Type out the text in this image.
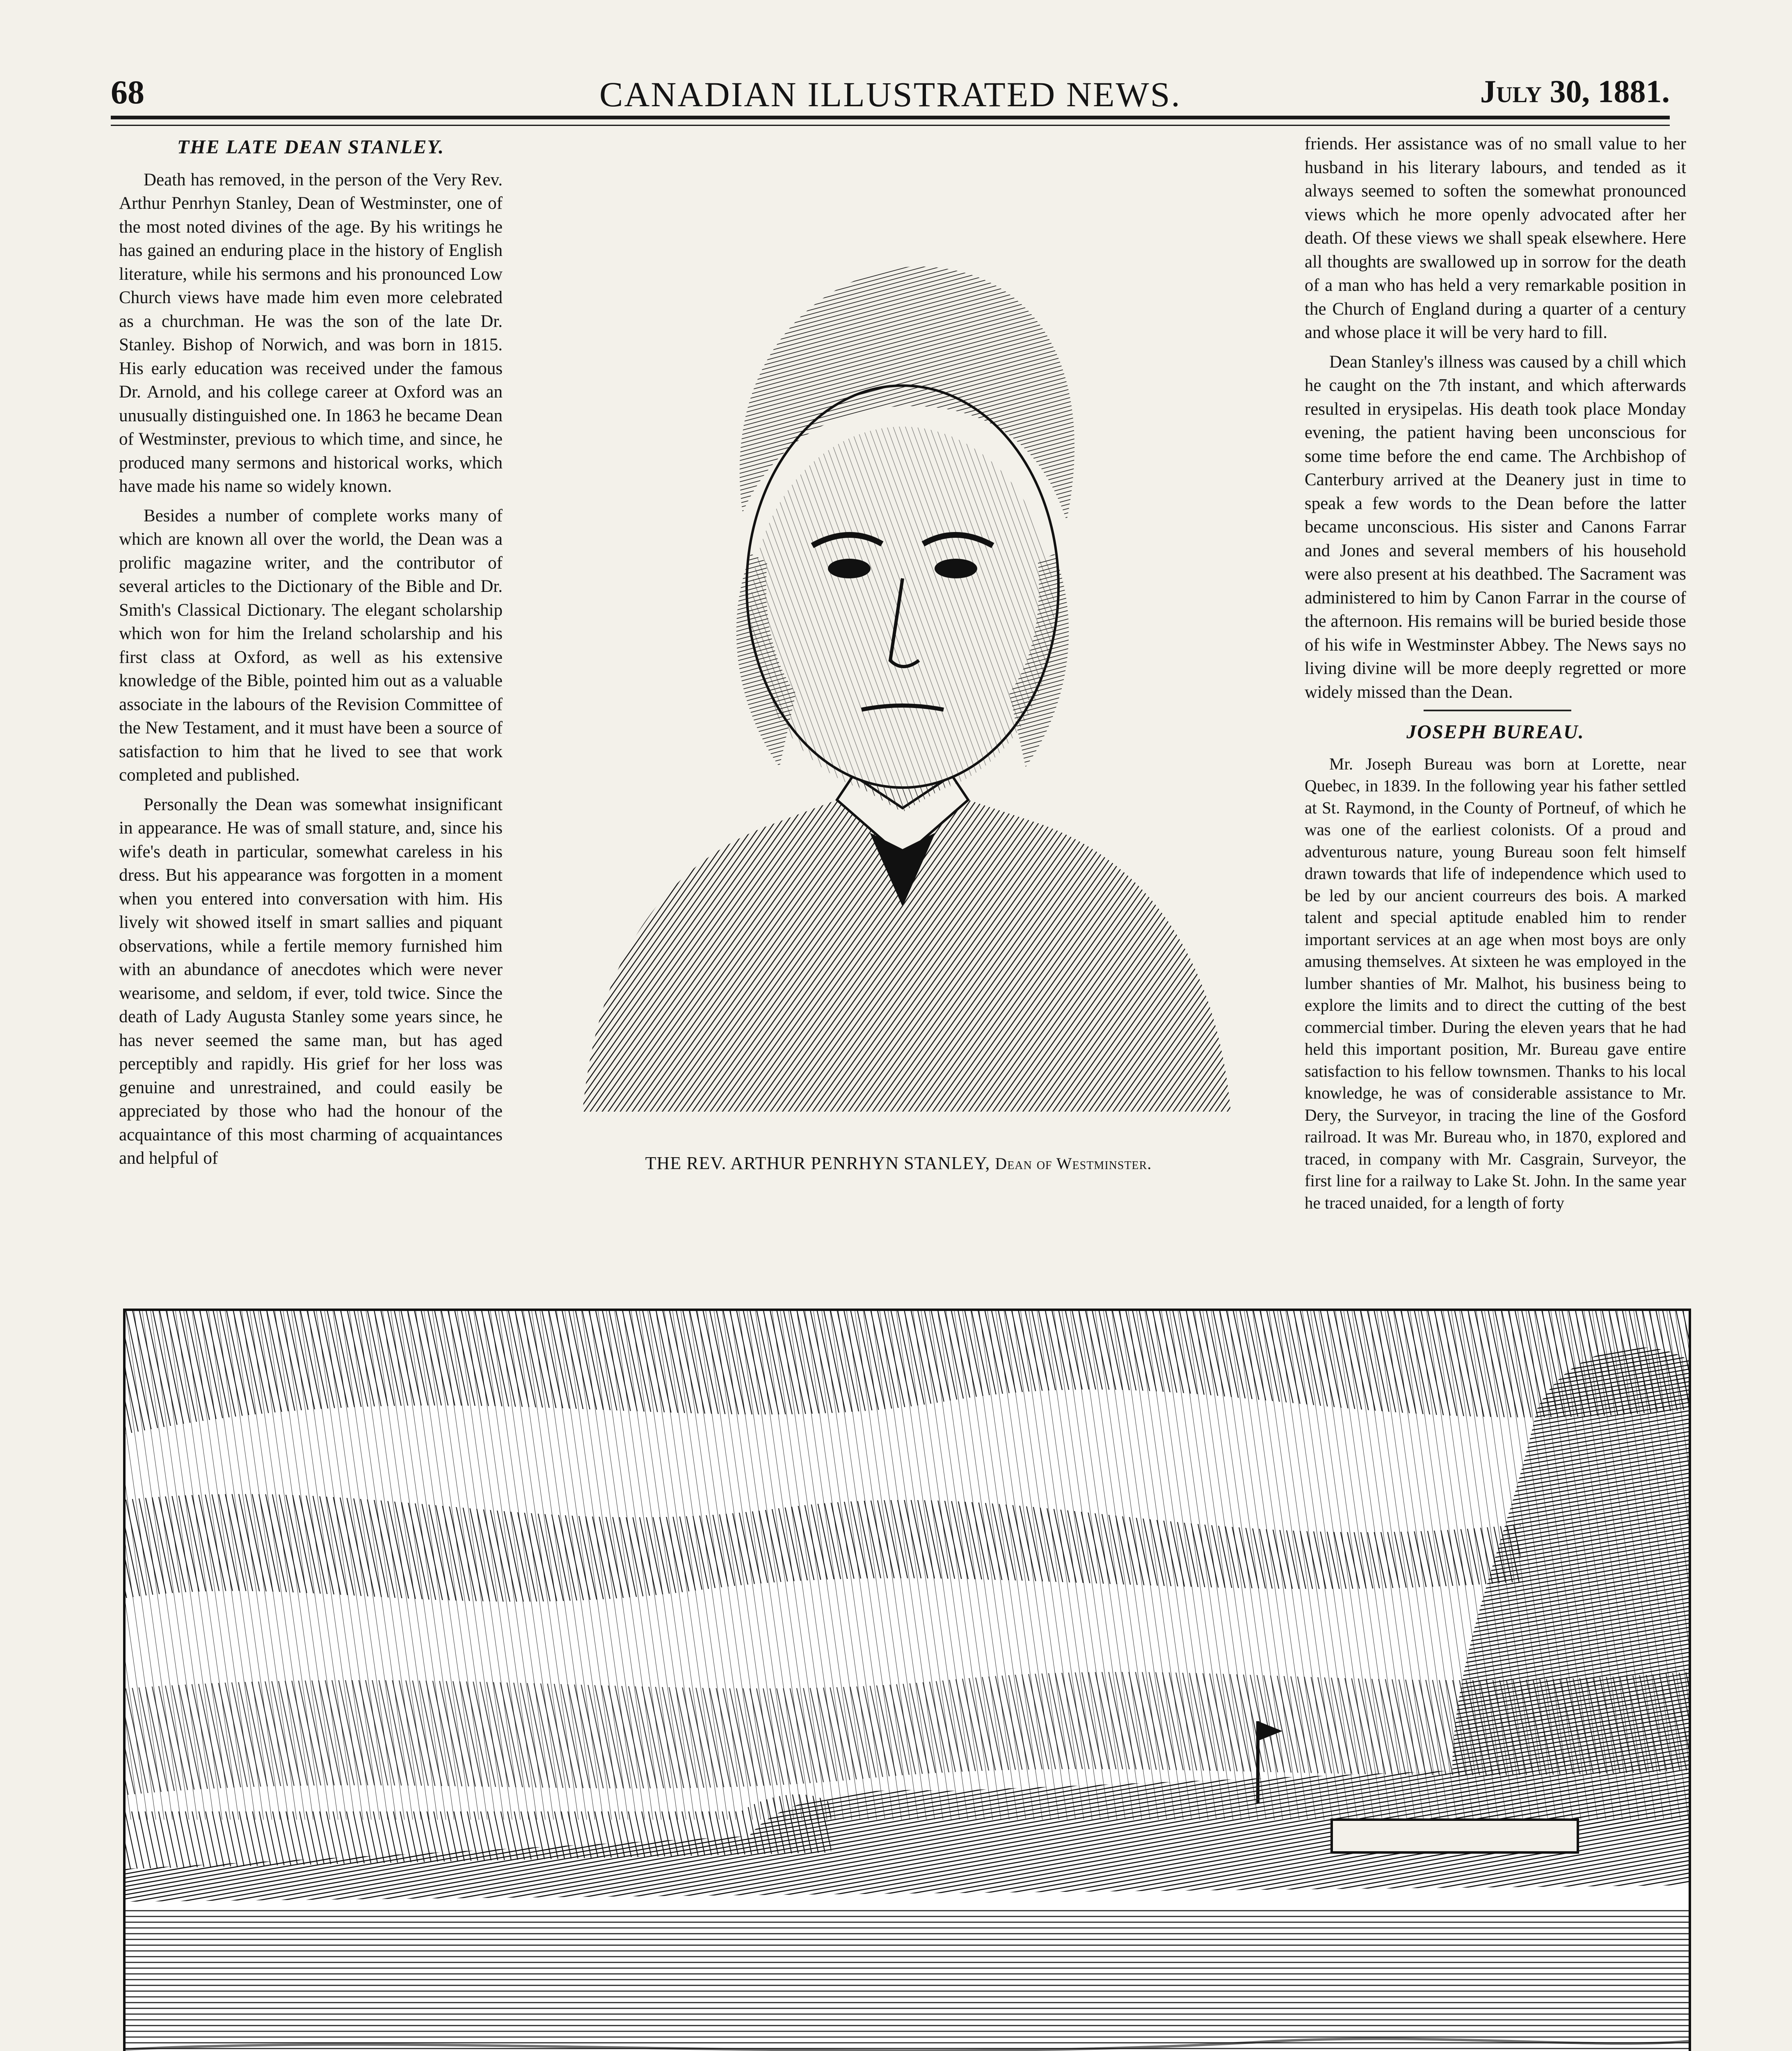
68	CANADIAN ILLUSTRATED NEWS.	July 30, 1881.
THE LATE DEAN STANLEY.

Death has removed, in the person of the Very Rev. Arthur Penrhyn Stanley, Dean of Westminster, one of the most noted divines of the age. By his writings he has gained an enduring place in the history of English literature, while his sermons and his pronounced Low Church views have made him even more celebrated as a churchman. He was the son of the late Dr. Stanley. Bishop of Norwich, and was born in 1815. His early education was received under the famous Dr. Arnold, and his college career at Oxford was an unusually distinguished one. In 1863 he became Dean of Westminster, previous to which time, and since, he produced many sermons and historical works, which have made his name so widely known.

Besides a number of complete works many of which are known all over the world, the Dean was a prolific magazine writer, and the contributor of several articles to the Dictionary of the Bible and Dr. Smith's Classical Dictionary. The elegant scholarship which won for him the Ireland scholarship and his first class at Oxford, as well as his extensive knowledge of the Bible, pointed him out as a valuable associate in the labours of the Revision Committee of the New Testament, and it must have been a source of satisfaction to him that he lived to see that work completed and published.

Personally the Dean was somewhat insignificant in appearance. He was of small stature, and, since his wife's death in particular, somewhat careless in his dress. But his appearance was forgotten in a moment when you entered into conversation with him. His lively wit showed itself in smart sallies and piquant observations, while a fertile memory furnished him with an abundance of anecdotes which were never wearisome, and seldom, if ever, told twice. Since the death of Lady Augusta Stanley some years since, he has never seemed the same man, but has aged perceptibly and rapidly. His grief for her loss was genuine and unrestrained, and could easily be appreciated by those who had the honour of the acquaintance of this most charming of acquaintances and helpful of	THE REV. ARTHUR PENRHYN STANLEY, Dean of Westminster.

friends. Her assistance was of no small value to her husband in his literary labours, and tended as it always seemed to soften the somewhat pronounced views which he more openly advocated after her death. Of these views we shall speak elsewhere. Here all thoughts are swallowed up in sorrow for the death of a man who has held a very remarkable position in the Church of England during a quarter of a century and whose place it will be very hard to fill.

Dean Stanley's illness was caused by a chill which he caught on the 7th instant, and which afterwards resulted in erysipelas. His death took place Monday evening, the patient having been unconscious for some time before the end came. The Archbishop of Canterbury arrived at the Deanery just in time to speak a few words to the Dean before the latter became unconscious. His sister and Canons Farrar and Jones and several members of his household were also present at his deathbed. The Sacrament was administered to him by Canon Farrar in the course of the afternoon. His remains will be buried beside those of his wife in Westminster Abbey. The News says no living divine will be more deeply regretted or more widely missed than the Dean.

JOSEPH BUREAU.

Mr. Joseph Bureau was born at Lorette, near Quebec, in 1839. In the following year his father settled at St. Raymond, in the County of Portneuf, of which he was one of the earliest colonists. Of a proud and adventurous nature, young Bureau soon felt himself drawn towards that life of independence which used to be led by our ancient courreurs des bois. A marked talent and special aptitude enabled him to render important services at an age when most boys are only amusing themselves. At sixteen he was employed in the lumber shanties of Mr. Malhot, his business being to explore the limits and to direct the cutting of the best commercial timber. During the eleven years that he had held this important position, Mr. Bureau gave entire satisfaction to his fellow townsmen. Thanks to his local knowledge, he was of considerable assistance to Mr. Dery, the Surveyor, in tracing the line of the Gosford railroad. It was Mr. Bureau who, in 1870, explored and traced, in company with Mr. Casgrain, Surveyor, the first line for a railway to Lake St. John. In the same year he traced unaided, for a length of forty
